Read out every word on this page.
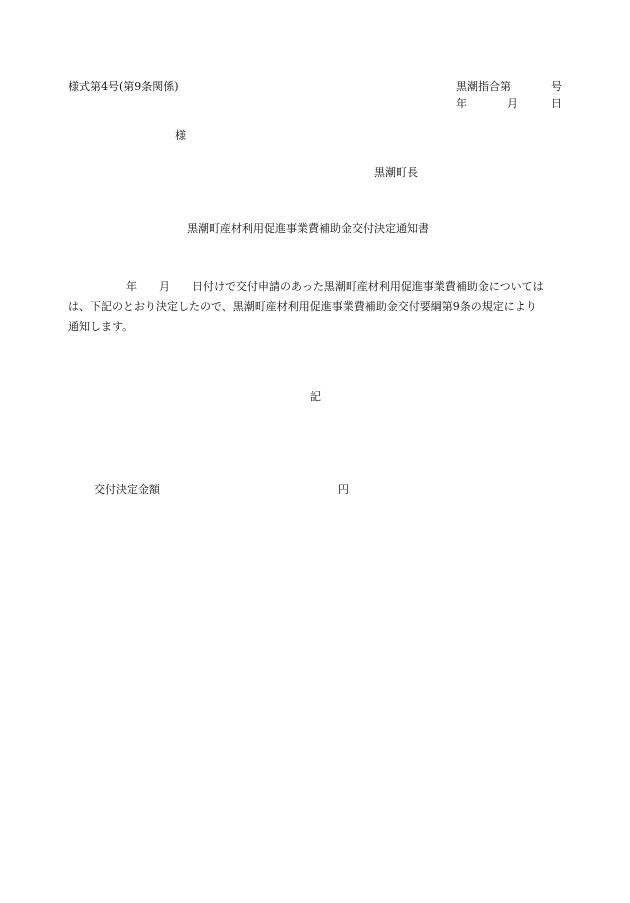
様式第4号(第9条関係)	黒潮指合第	号
年	月	日
様
黒潮町長
黒潮町産材利用促進事業費補助金交付決定通知書
年 月 日付けで交付申請のあった黒潮町産材利用促進事業費補助金については
は、下記のとおり決定したので、黒潮町産材利用促進事業費補助金交付要綱第9条の規定により
通知します。
記
交付決定金額	円
